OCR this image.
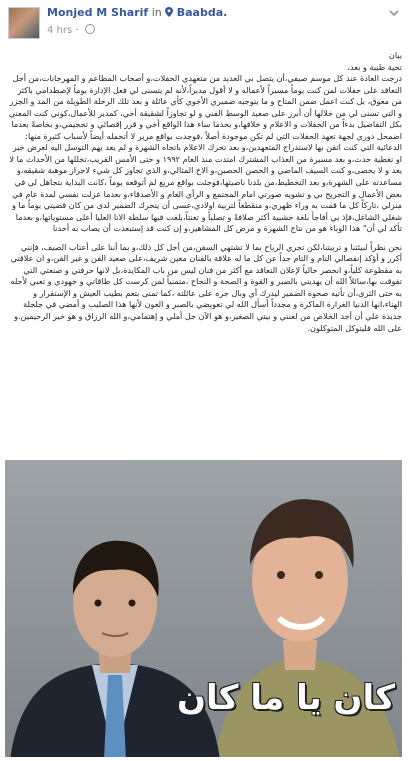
Monjed M Sharif in Baabda.
4 hrs ·

بيان

تحية طيبة و بعد،

درجت العادة عند كل موسم صيفي،أن يتصل بي العديد من متعهدي الحفلات،و أصحاب المطاعم و المهرجانات،من أجل التعاقد على حفلات لمن كنت يوماً مسيراً لأعماله و لا أقول مديراً،لأنه لم يتسنى لي فعل الإدارة يوماً لإصطدامي باكثر من معوق، بل كنت اعمل ضمن المتاح و ما يتوجبه ضميري الأخوي كأي عائلة و بعد تلك الرحلة الطويلة من المد و الجزر و التي تسنى لي من خلالها أن أبرز على صعيد الوسط الفني و لو تجاوزاً لشقيقة أخي، كمدير للأعمال،كوني كنت المعني بكل التفاصيل بدءاً من الحفلات و الاعلام و خلافها،و بحدما ساء هذا الواقع أخي و قرر إقصائي و تحجيمي،و بخاصةً بعدما اضمحل دوري لجهة تعهد الحفلات التي لم تكن موجودة أصلاً ،فوجدت بواقع مرير لا أتحمله أيضاً لأسباب كثيرة منها:

الدعائية التي كنت اتقن بها لاستدراج المتعهدين،و بعد تحرك الاعلام باتجاه الشهرة و لم يعد يهم التوسل اليه لعرض خبر او تغطية حدث،و بعد مسيرة من العذاب المشترك امتدت منذ العام ١٩٩٢ و حتى الأمس القريب،تخللها من الأحداث ما لا يعد و لا يحصى،و كنت السيف الماضي و الحصن الحصين،و الاخ المثالي،و الذي تجاوز كل شيء لاجراز موهبة شقيقه،و مساعدته على الشهرة،و بعد التخطيط،من بلدنا ناصيتها،فوجئت بواقع مريع لم أتوقعه يوماً ،كانت البداية بتجاهل لي في بعض الأعمال و التجريح بي و تشويه صورتي امام المجتمع و الرأي العام و الأصدقاء،و بعدما عزلت نفسي لمدة عام في منزلي ،تاركاً كل ما قمت به وراء ظهري،و منقطعاً لتربية اولادي،عسى أن يتحرك الضمير لدى من كان قضيتي يوماً ما و شغلي الشاغل،فإذ بي أفاجأ بلغة خشبية أكثر صلافةً و تصلباً و تعنتاً،بلغت فيها سلطة الانا العليا أعلى مستوياتها،و بعدما تأكد لي أن" هذا الوباء هو من نتاج الشهرة و مرض كل المشاهير،و إن كنت قد إستبعدت أن يصاب به أحدنا

نحن نظراً لبيئتنا و تربيتنا،لكن تجري الرياح بما لا تشتهي السفن،من أجل كل ذلك،و بما أننا على أعتاب الصيف، فإنني أكرر و أؤكد إنفصالي التام و التام جداً عن كل ما له علاقة بالفنان معين شريف،على صعيد الفن و غير الفن،و ان علاقتي به مقطوعة كلياً،و انحصر حالياً لإعلان التعاقد مع أكثر من فنان ليس من باب المكايدة،بل لانها حرفتي و صنعتي التي تفوقت بها،سائلاً الله أن يهديني بالصبر و القوة و الصحة و النجاح ،متمنياً لمن كرست كل طاقاتي و جهودي و تعبي لأجله به حتى الثرى،أن تأتيه صحوة الضمير ليدرك أي وبال جره على عائلته ،كما تمنى بتعم بطيب العيش و الإستقرار و الهناء،انها الدنيا الغرارة الماكرة و مجدداً أسأل الله لي تعويضي بالصبر و العون لأنها هذا الصليب و أمضي في جلجلة جديدة علي أن أجد الخلاص من لعنتي و بيتي الصغير،و هو الآن جل أملي و إهتمامي،و الله الرزاق و هو خير الرحيمين.و على الله فليتوكل المتوكلون.

كان يا ما كان
